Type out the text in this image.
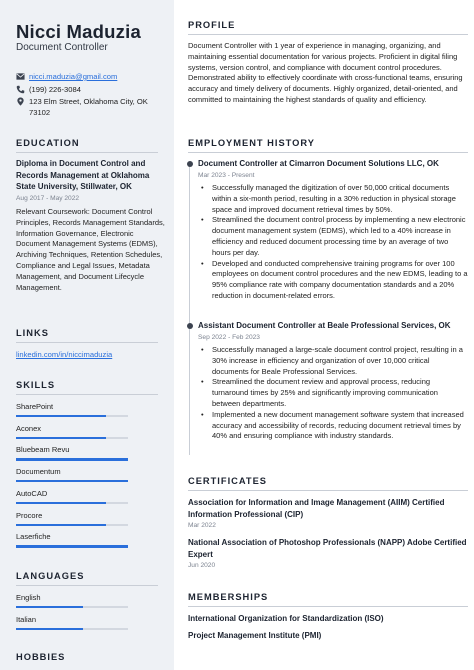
Nicci Maduzia
Document Controller
nicci.maduzia@gmail.com
(199) 226-3084
123 Elm Street, Oklahoma City, OK
73102
EDUCATION
Diploma in Document Control and Records Management at Oklahoma State University, Stillwater, OK
Aug 2017 - May 2022
Relevant Coursework: Document Control Principles, Records Management Standards, Information Governance, Electronic Document Management Systems (EDMS), Archiving Techniques, Retention Schedules, Compliance and Legal Issues, Metadata Management, and Document Lifecycle Management.
LINKS
linkedin.com/in/niccimaduzia
SKILLS
SharePoint
Aconex
Bluebeam Revu
Documentum
AutoCAD
Procore
Laserfiche
LANGUAGES
English
Italian
HOBBIES
PROFILE
Document Controller with 1 year of experience in managing, organizing, and maintaining essential documentation for various projects. Proficient in digital filing systems, version control, and compliance with document control procedures. Demonstrated ability to effectively coordinate with cross-functional teams, ensuring accuracy and timely delivery of documents. Highly organized, detail-oriented, and committed to maintaining the highest standards of quality and efficiency.
EMPLOYMENT HISTORY
Document Controller at Cimarron Document Solutions LLC, OK
Mar 2023 - Present
• Successfully managed the digitization of over 50,000 critical documents within a six-month period, resulting in a 30% reduction in physical storage space and improved document retrieval times by 50%.
• Streamlined the document control process by implementing a new electronic document management system (EDMS), which led to a 40% increase in efficiency and reduced document processing time by an average of two hours per day.
• Developed and conducted comprehensive training programs for over 100 employees on document control procedures and the new EDMS, leading to a 95% compliance rate with company documentation standards and a 20% reduction in document-related errors.
Assistant Document Controller at Beale Professional Services, OK
Sep 2022 - Feb 2023
• Successfully managed a large-scale document control project, resulting in a 30% increase in efficiency and organization of over 10,000 critical documents for Beale Professional Services.
• Streamlined the document review and approval process, reducing turnaround times by 25% and significantly improving communication between departments.
• Implemented a new document management software system that increased accuracy and accessibility of records, reducing document retrieval times by 40% and ensuring compliance with industry standards.
CERTIFICATES
Association for Information and Image Management (AIIM) Certified Information Professional (CIP)
Mar 2022
National Association of Photoshop Professionals (NAPP) Adobe Certified Expert
Jun 2020
MEMBERSHIPS
International Organization for Standardization (ISO)
Project Management Institute (PMI)
